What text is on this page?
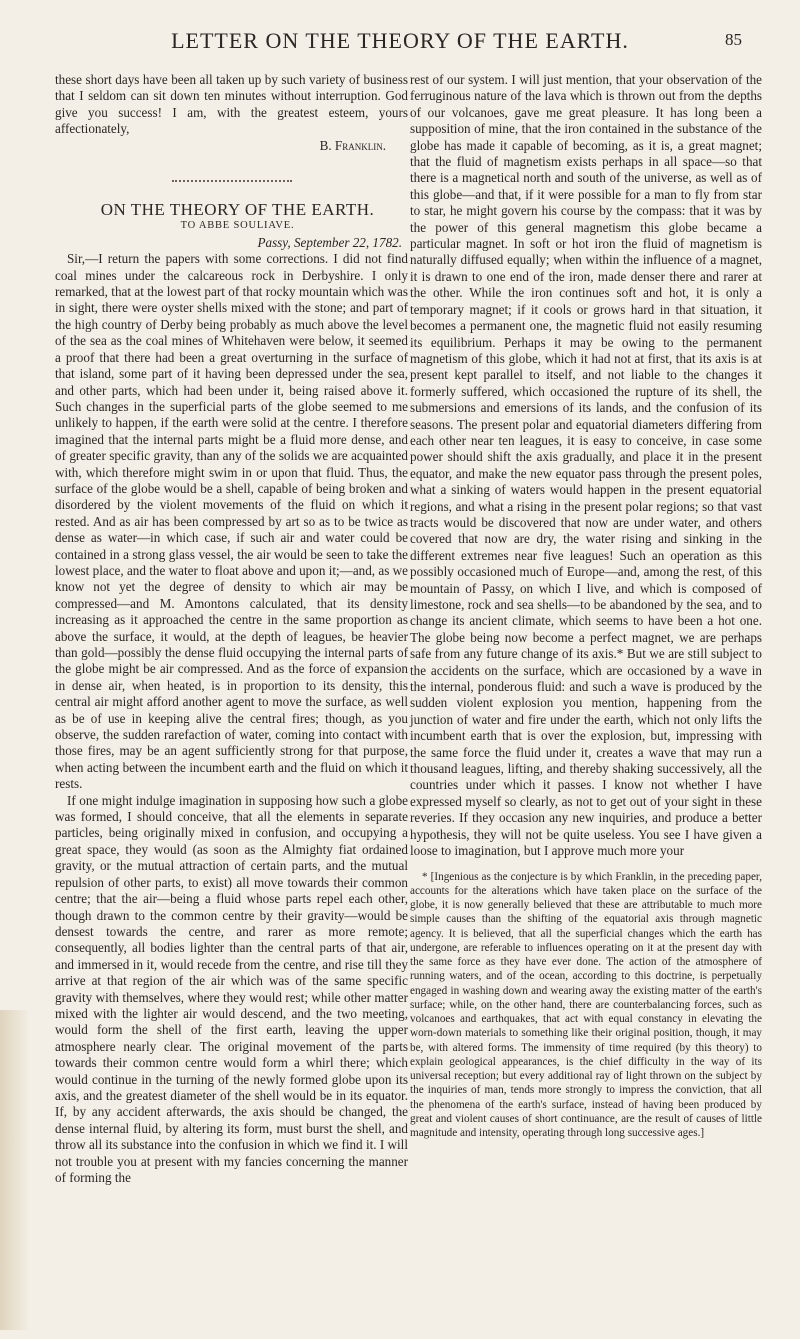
LETTER ON THE THEORY OF THE EARTH.	85

these short days have been all taken up by such variety of business that I seldom can sit down ten minutes without interruption. God give you success! I am, with the greatest esteem, yours affectionately,

B. Franklin.

ON THE THEORY OF THE EARTH.

TO ABBE SOULIAVE.

Passy, September 22, 1782.

Sir,—I return the papers with some corrections. I did not find coal mines under the calcareous rock in Derbyshire. I only remarked, that at the lowest part of that rocky mountain which was in sight, there were oyster shells mixed with the stone; and part of the high country of Derby being probably as much above the level of the sea as the coal mines of Whitehaven were below, it seemed a proof that there had been a great overturning in the surface of that island, some part of it having been depressed under the sea, and other parts, which had been under it, being raised above it. Such changes in the superficial parts of the globe seemed to me unlikely to happen, if the earth were solid at the centre. I therefore imagined that the internal parts might be a fluid more dense, and of greater specific gravity, than any of the solids we are acquainted with, which therefore might swim in or upon that fluid. Thus, the surface of the globe would be a shell, capable of being broken and disordered by the violent movements of the fluid on which it rested. And as air has been compressed by art so as to be twice as dense as water—in which case, if such air and water could be contained in a strong glass vessel, the air would be seen to take the lowest place, and the water to float above and upon it;—and, as we know not yet the degree of density to which air may be compressed—and M. Amontons calculated, that its density increasing as it approached the centre in the same proportion as above the surface, it would, at the depth of leagues, be heavier than gold—possibly the dense fluid occupying the internal parts of the globe might be air compressed. And as the force of expansion in dense air, when heated, is in proportion to its density, this central air might afford another agent to move the surface, as well as be of use in keeping alive the central fires; though, as you observe, the sudden rarefaction of water, coming into contact with those fires, may be an agent sufficiently strong for that purpose, when acting between the incumbent earth and the fluid on which it rests.

If one might indulge imagination in supposing how such a globe was formed, I should conceive, that all the elements in separate particles, being originally mixed in confusion, and occupying a great space, they would (as soon as the Almighty fiat ordained gravity, or the mutual attraction of certain parts, and the mutual repulsion of other parts, to exist) all move towards their common centre; that the air—being a fluid whose parts repel each other, though drawn to the common centre by their gravity—would be densest towards the centre, and rarer as more remote; consequently, all bodies lighter than the central parts of that air, and immersed in it, would recede from the centre, and rise till they arrive at that region of the air which was of the same specific gravity with themselves, where they would rest; while other matter mixed with the lighter air would descend, and the two meeting, would form the shell of the first earth, leaving the upper atmosphere nearly clear. The original movement of the parts towards their common centre would form a whirl there; which would continue in the turning of the newly formed globe upon its axis, and the greatest diameter of the shell would be in its equator. If, by any accident afterwards, the axis should be changed, the dense internal fluid, by altering its form, must burst the shell, and throw all its substance into the confusion in which we find it. I will not trouble you at present with my fancies concerning the manner of forming the

rest of our system. I will just mention, that your observation of the ferruginous nature of the lava which is thrown out from the depths of our volcanoes, gave me great pleasure. It has long been a supposition of mine, that the iron contained in the substance of the globe has made it capable of becoming, as it is, a great magnet; that the fluid of magnetism exists perhaps in all space—so that there is a magnetical north and south of the universe, as well as of this globe—and that, if it were possible for a man to fly from star to star, he might govern his course by the compass: that it was by the power of this general magnetism this globe became a particular magnet. In soft or hot iron the fluid of magnetism is naturally diffused equally; when within the influence of a magnet, it is drawn to one end of the iron, made denser there and rarer at the other. While the iron continues soft and hot, it is only a temporary magnet; if it cools or grows hard in that situation, it becomes a permanent one, the magnetic fluid not easily resuming its equilibrium. Perhaps it may be owing to the permanent magnetism of this globe, which it had not at first, that its axis is at present kept parallel to itself, and not liable to the changes it formerly suffered, which occasioned the rupture of its shell, the submersions and emersions of its lands, and the confusion of its seasons. The present polar and equatorial diameters differing from each other near ten leagues, it is easy to conceive, in case some power should shift the axis gradually, and place it in the present equator, and make the new equator pass through the present poles, what a sinking of waters would happen in the present equatorial regions, and what a rising in the present polar regions; so that vast tracts would be discovered that now are under water, and others covered that now are dry, the water rising and sinking in the different extremes near five leagues! Such an operation as this possibly occasioned much of Europe—and, among the rest, of this mountain of Passy, on which I live, and which is composed of limestone, rock and sea shells—to be abandoned by the sea, and to change its ancient climate, which seems to have been a hot one. The globe being now become a perfect magnet, we are perhaps safe from any future change of its axis.* But we are still subject to the accidents on the surface, which are occasioned by a wave in the internal, ponderous fluid: and such a wave is produced by the sudden violent explosion you mention, happening from the junction of water and fire under the earth, which not only lifts the incumbent earth that is over the explosion, but, impressing with the same force the fluid under it, creates a wave that may run a thousand leagues, lifting, and thereby shaking successively, all the countries under which it passes. I know not whether I have expressed myself so clearly, as not to get out of your sight in these reveries. If they occasion any new inquiries, and produce a better hypothesis, they will not be quite useless. You see I have given a loose to imagination, but I approve much more your

* [Ingenious as the conjecture is by which Franklin, in the preceding paper, accounts for the alterations which have taken place on the surface of the globe, it is now generally believed that these are attributable to much more simple causes than the shifting of the equatorial axis through magnetic agency. It is believed, that all the superficial changes which the earth has undergone, are referable to influences operating on it at the present day with the same force as they have ever done. The action of the atmosphere of running waters, and of the ocean, according to this doctrine, is perpetually engaged in washing down and wearing away the existing matter of the earth's surface; while, on the other hand, there are counterbalancing forces, such as volcanoes and earthquakes, that act with equal constancy in elevating the worn-down materials to something like their original position, though, it may be, with altered forms. The immensity of time required (by this theory) to explain geological appearances, is the chief difficulty in the way of its universal reception; but every additional ray of light thrown on the subject by the inquiries of man, tends more strongly to impress the conviction, that all the phenomena of the earth's surface, instead of having been produced by great and violent causes of short continuance, are the result of causes of little magnitude and intensity, operating through long successive ages.]
